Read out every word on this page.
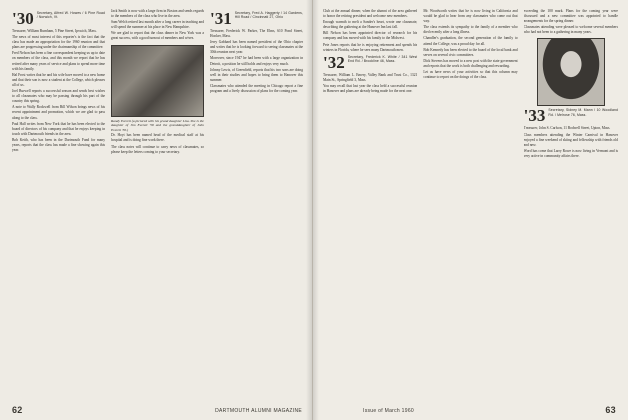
'30 Secretary, Alfred W. Howes / 6 Pine Road / Norwich, Vt.

Treasurer, William Burnham, 5 Pine Street, Ipswich, Mass.

The news of most interest of this reporter's is the fact that the class has made an appropriation for the 1960 reunion and that plans are progressing under the chairmanship of the committee.

Fred Nelson has been a fine correspondent keeping us up to date on members of the class, and this month we report that he has retired after many years of service and plans to spend more time with his family.

Hal Frost writes that he and his wife have moved to a new home and that their son is now a student at the College, which pleases all of us.

Joel Burwell reports a successful season and sends best wishes to all classmates who may be passing through his part of the country this spring.

A note to Wally Rockwell from Bill Wilson brings news of his recent appointment and promotion, which we are glad to pass along to the class.

Paul Hall writes from New York that he has been elected to the board of directors of his company and that he enjoys keeping in touch with Dartmouth friends in the area.

Bob Keith, who has been in the Dartmouth Fund for many years, reports that the class has made a fine showing again this year.

Jack Smith is now with a large firm in Boston and sends regards to the members of the class who live in the area.

Sam Welch retired last month after a long career in teaching and will spend the summer at his place in New Hampshire.

We are glad to report that the class dinner in New York was a great success, with a good turnout of members and wives.

Randy Everett (a pictured with his grand daughter Lisa. She is the daughter of Jim Everett '58 and the granddaughter of John Everett '30.)

Dr. Hoyt has been named head of the medical staff at his hospital and is doing fine work there.

The class notes will continue to carry news of classmates, so please keep the letters coming to your secretary.

'31 Secretary, Fred A. Haggerty / 14 Gardens, Hill Road / Cincinnati 27, Ohio

Treasurer, Frederick W. Parker, The Elms, 610 Pond Street, Hooker, Mass.

Jerry Gabbard has been named president of the Ohio chapter and writes that he is looking forward to seeing classmates at the 30th reunion next year.

Moreover, since 1947 he had been with a large organization in Detroit, a position he still holds and enjoys very much.

Johnny Lewis, of Greenfield, reports that his two sons are doing well in their studies and hopes to bring them to Hanover this summer.

Classmates who attended the meeting in Chicago report a fine program and a lively discussion of plans for the coming year.

62	DARTMOUTH ALUMNI MAGAZINE

Club at the annual dinner, when the alumni of the area gathered to honor the retiring president and welcome new members.

Enough warmth to melt a Sander's heart, wrote one classmate, describing the gathering at the Hanover Inn last fall.

Bill Nelson has been appointed director of research for his company and has moved with his family to the Midwest.

Pete Jones reports that he is enjoying retirement and spends his winters in Florida, where he sees many Dartmouth men.

'32 Secretary, Frederick K. White / 341 West End Rd. / Brookline 46, Mass.

Treasurer, William L. Emery, Valley Bank and Trust Co., 1321 Main St., Springfield 3, Mass.

You may recall that last year the class held a successful reunion in Hanover and plans are already being made for the next one.

Mr. Woodworth writes that he is now living in California and would be glad to hear from any classmates who come out that way.

The class extends its sympathy to the family of a member who died recently after a long illness.

Chandler's graduation, the second generation of the family to attend the College, was a proud day for all.

Bob Kennedy has been elected to the board of the local bank and serves on several civic committees.

Dick Stevens has moved to a new post with the state government and reports that the work is both challenging and rewarding.

Let us have news of your activities so that this column may continue to report on the doings of the class.

exceeding the 100 mark. Plans for the coming year were discussed and a new committee was appointed to handle arrangements for the spring dinner.

Classmates attending were pleased to welcome several members who had not been to a gathering in many years.

'33 Secretary, Sidney M. Mann / 10 Woodland Rd. / Melrose 76, Mass.

Treasurer, John S. Carlson, 11 Bodwell Street, Upton, Mass.

Class members attending the Winter Carnival in Hanover enjoyed a fine weekend of skiing and fellowship with friends old and new.

Word has come that Larry Rowe is now living in Vermont and is very active in community affairs there.

Issue of March 1960	63
